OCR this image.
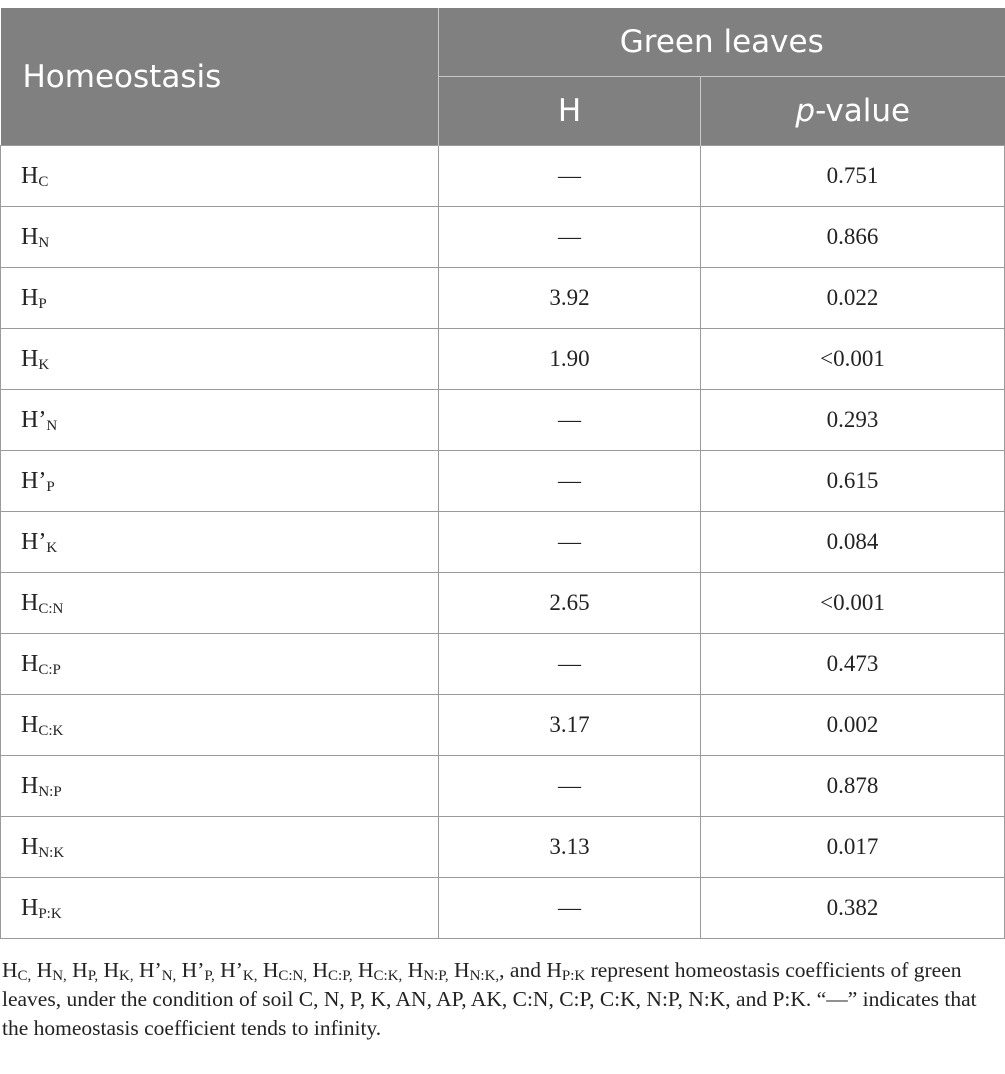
Homeostasis	Green leaves	
	H	p-value
$H_C$	—	0.751
$H_N$	—	0.866
$H_P$	3.92	0.022
$H_K$	1.90	<0.001
$H’_N$	—	0.293
$H’_P$	—	0.615
$H’_K$	—	0.084
$H_{C:N}$	2.65	<0.001
$H_{C:P}$	—	0.473
$H_{C:K}$	3.17	0.002
$H_{N:P}$	—	0.878
$H_{N:K}$	3.13	0.017
$H_{P:K}$	—	0.382

$H_{C,}$ $H_{N,}$ $H_{P,}$ $H_{K,}$ $H’_{N,}$ $H’_{P,}$ $H’_{K,}$ $H_{C:N,}$ $H_{C:P,}$ $H_{C:K,}$ $H_{N:P,}$ $H_{N:K,}$, and $H_{P:K}$ represent homeostasis coefficients of green leaves, under the condition of soil C, N, P, K, AN, AP, AK, C:N, C:P, C:K, N:P, N:K, and P:K. “—” indicates that the homeostasis coefficient tends to infinity.
